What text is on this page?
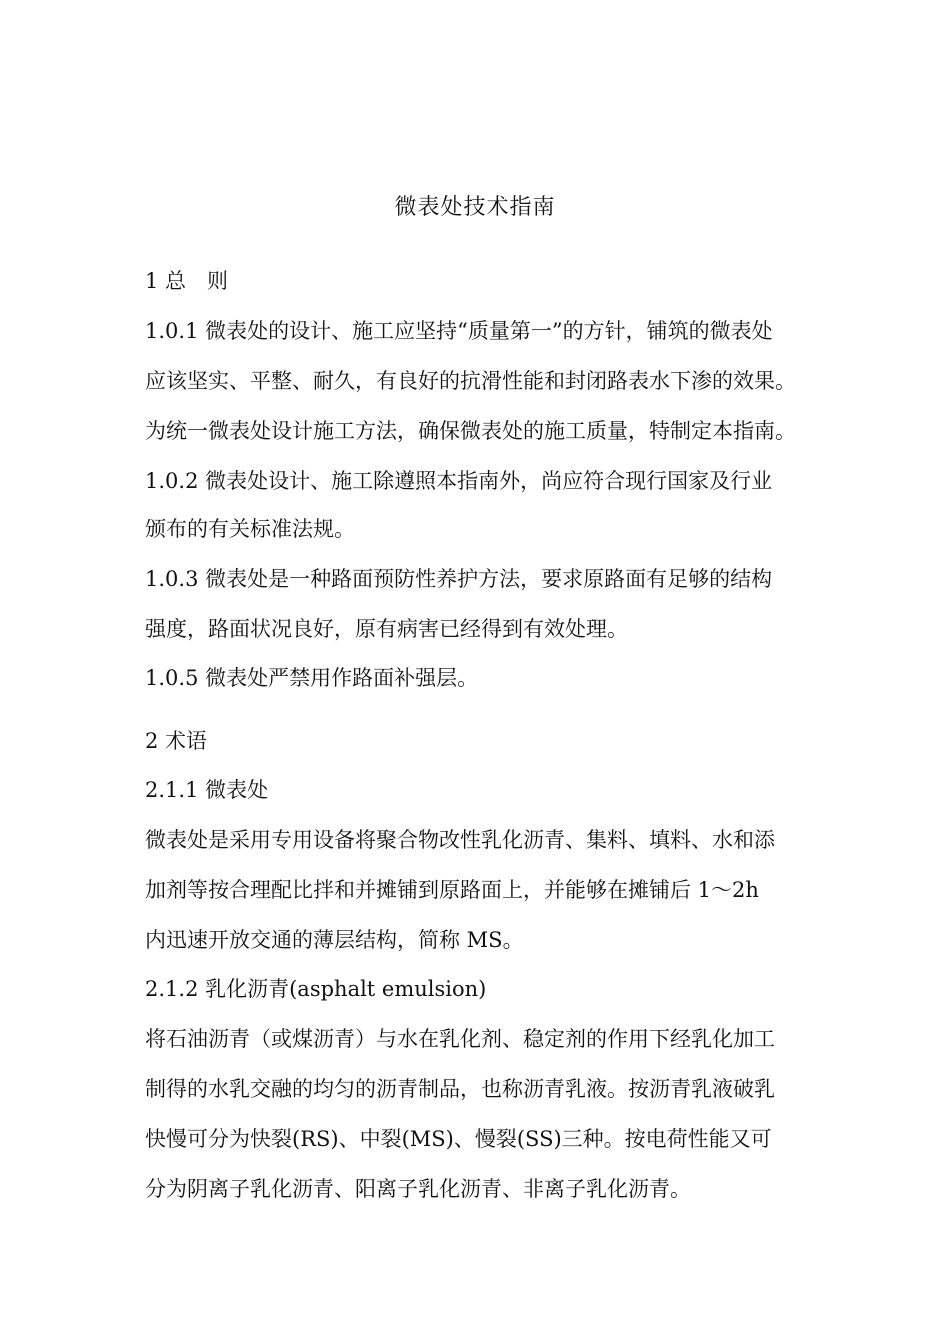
微表处技术指南
1 总　则
1.0.1 微表处的设计、施工应坚持“质量第一”的方针，铺筑的微表处
应该坚实、平整、耐久，有良好的抗滑性能和封闭路表水下渗的效果。
为统一微表处设计施工方法，确保微表处的施工质量，特制定本指南。
1.0.2 微表处设计、施工除遵照本指南外，尚应符合现行国家及行业
颁布的有关标准法规。
1.0.3 微表处是一种路面预防性养护方法，要求原路面有足够的结构
强度，路面状况良好，原有病害已经得到有效处理。
1.0.5 微表处严禁用作路面补强层。
2 术语
2.1.1 微表处
微表处是采用专用设备将聚合物改性乳化沥青、集料、填料、水和添
加剂等按合理配比拌和并摊铺到原路面上，并能够在摊铺后 1～2h
内迅速开放交通的薄层结构，简称 MS。
2.1.2 乳化沥青(asphalt emulsion)
将石油沥青（或煤沥青）与水在乳化剂、稳定剂的作用下经乳化加工
制得的水乳交融的均匀的沥青制品，也称沥青乳液。按沥青乳液破乳
快慢可分为快裂(RS)、中裂(MS)、慢裂(SS)三种。按电荷性能又可
分为阴离子乳化沥青、阳离子乳化沥青、非离子乳化沥青。
